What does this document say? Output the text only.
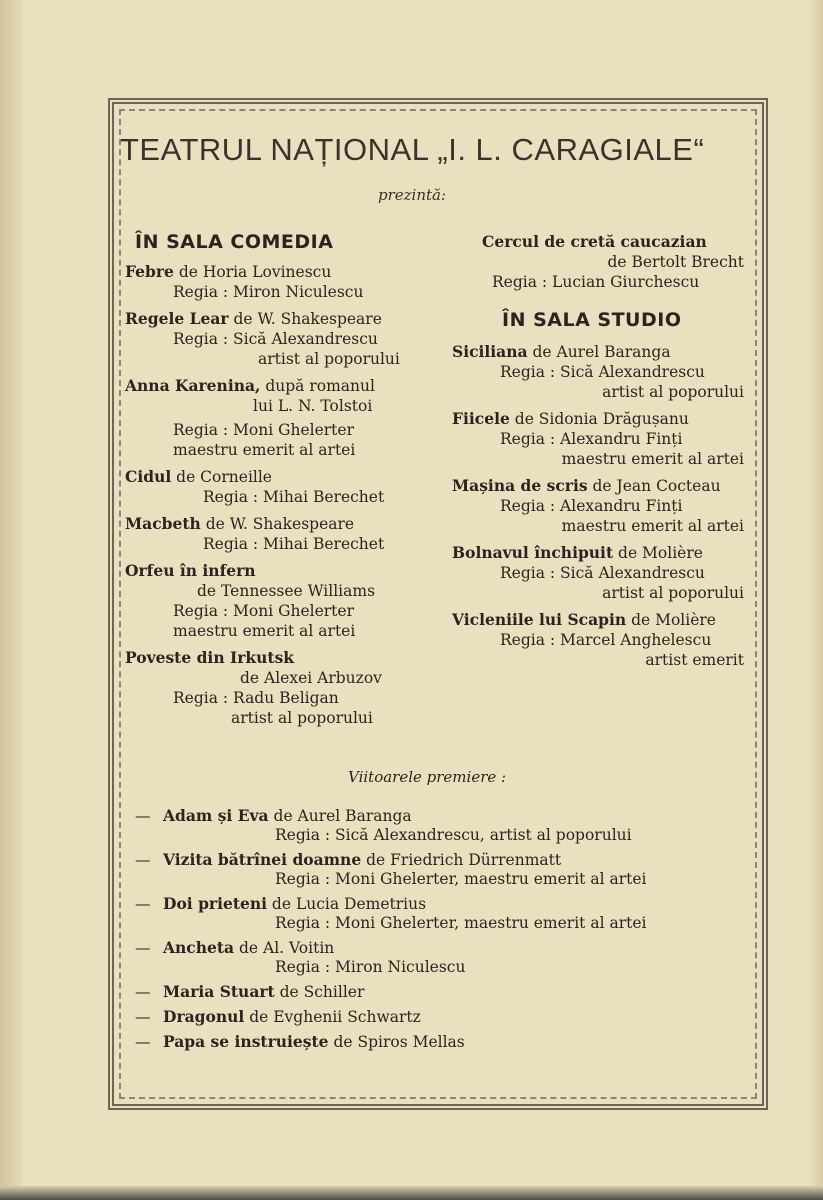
TEATRUL NAȚIONAL „I. L. CARAGIALE“
prezintă:
ÎN SALA COMEDIA
Febre de Horia Lovinescu
Regia : Miron Niculescu
Regele Lear de W. Shakespeare
Regia : Sică Alexandrescu
artist al poporului
Anna Karenina, după romanul
lui L. N. Tolstoi
Regia : Moni Ghelerter
maestru emerit al artei
Cidul de Corneille
Regia : Mihai Berechet
Macbeth de W. Shakespeare
Regia : Mihai Berechet
Orfeu în infern
de Tennessee Williams
Regia : Moni Ghelerter
maestru emerit al artei
Poveste din Irkutsk
de Alexei Arbuzov
Regia : Radu Beligan
artist al poporului
Cercul de cretă caucazian
de Bertolt Brecht
Regia : Lucian Giurchescu
ÎN SALA STUDIO
Siciliana de Aurel Baranga
Regia : Sică Alexandrescu
artist al poporului
Fiicele de Sidonia Drăgușanu
Regia : Alexandru Finți
maestru emerit al artei
Mașina de scris de Jean Cocteau
Regia : Alexandru Finți
maestru emerit al artei
Bolnavul închipuit de Molière
Regia : Sică Alexandrescu
artist al poporului
Vicleniile lui Scapin de Molière
Regia : Marcel Anghelescu
artist emerit
Viitoarele premiere :
— Adam și Eva de Aurel Baranga
Regia : Sică Alexandrescu, artist al poporului
— Vizita bătrînei doamne de Friedrich Dürrenmatt
Regia : Moni Ghelerter, maestru emerit al artei
— Doi prieteni de Lucia Demetrius
Regia : Moni Ghelerter, maestru emerit al artei
— Ancheta de Al. Voitin
Regia : Miron Niculescu
— Maria Stuart de Schiller
— Dragonul de Evghenii Schwartz
— Papa se instruiește de Spiros Mellas
